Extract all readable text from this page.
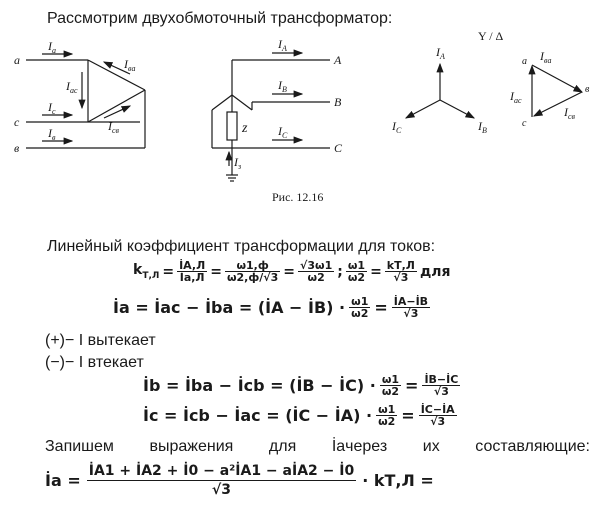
Рассмотрим двухобмоточный трансформатор:
a
c
в
$I_a$
$I_c$
$I_в$
$I_{ac}$
$I_{вa}$
$I_{св}$
A
B
C
$I_A$
$I_B$
$I_C$
z
$I_з$
$I_A$
$I_B$
$I_C$
Y / Δ
a
в
c
$I_{вa}$
$I_{ac}$
$I_{св}$
Рис. 12.16
Линейный коэффициент трансформации для токов:
$k_{Т,Л} = \frac{İA,Л}{İa,Л} = \frac{\omega 1,ф}{\omega 2,ф/√3} = \frac{√3\omega 1}{\omega 2}$ ; $\frac{\omega 1}{\omega 2} = \frac{kТ,Л}{√3}$ для
İa = İac − İba = (İA − İB) · $\frac{\omega 1}{\omega 2} = \frac{İA-İB}{√3}$
(+)− I вытекает
(−)− I втекает
İb = İba − İcb = (İB − İC) · $\frac{\omega 1}{\omega 2} = \frac{İB-İC}{√3}$
İc = İcb − İac = (İC − İA) · $\frac{\omega 1}{\omega 2} = \frac{İC-İA}{√3}$
Запишем выражения для İaчерез их составляющие:
İa = $\frac{\text{İA1 + İA2 + İ0 − a²İA1 − aİA2 − İ0}}{√3} \cdot kТ,Л$ =
